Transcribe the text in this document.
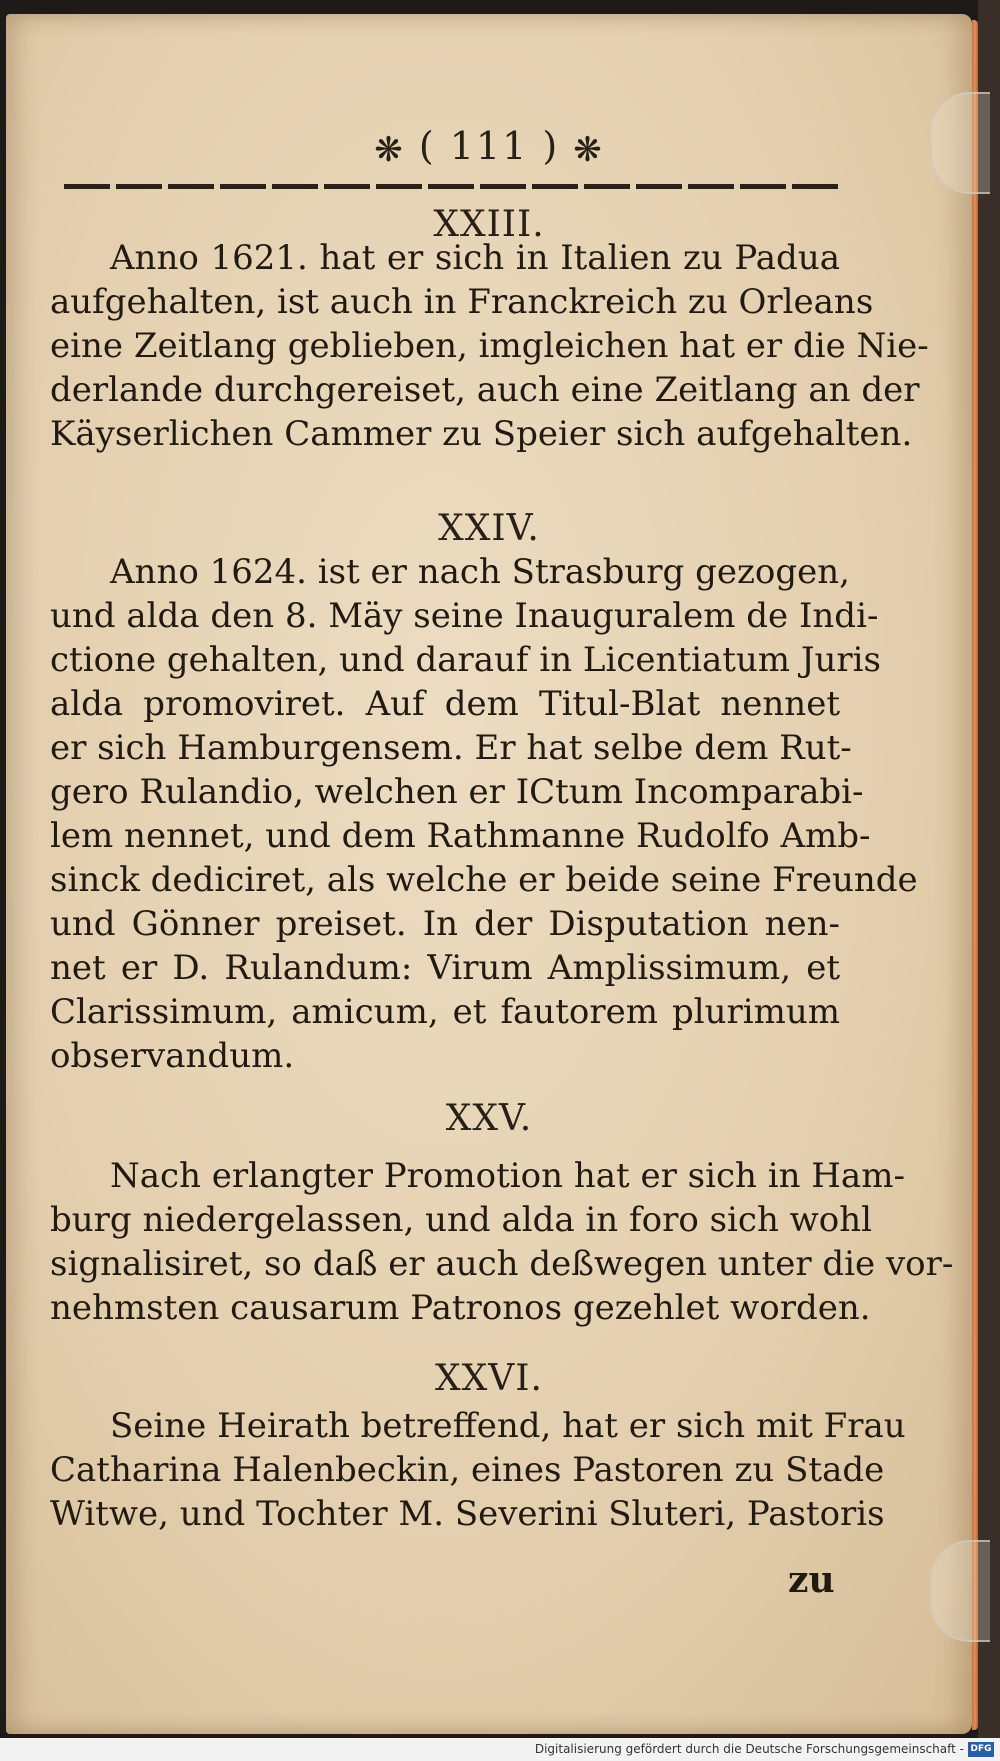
❋ ( 111 ) ❋
XXIII.
Anno 1621. hat er sich in Italien zu Padua
aufgehalten, ist auch in Franckreich zu Orleans
eine Zeitlang geblieben, imgleichen hat er die Nie-
derlande durchgereiset, auch eine Zeitlang an der
Käyserlichen Cammer zu Speier sich aufgehalten.
XXIV.
Anno 1624. ist er nach Strasburg gezogen,
und alda den 8. Mäy seine Inauguralem de Indi-
ctione gehalten, und darauf in Licentiatum Juris
alda promoviret. Auf dem Titul-Blat nennet
er sich Hamburgensem. Er hat selbe dem Rut-
gero Rulandio, welchen er ICtum Incomparabi-
lem nennet, und dem Rathmanne Rudolfo Amb-
sinck dediciret, als welche er beide seine Freunde
und Gönner preiset. In der Disputation nen-
net er D. Rulandum: Virum Amplissimum, et
Clarissimum, amicum, et fautorem plurimum
observandum.
XXV.
Nach erlangter Promotion hat er sich in Ham-
burg niedergelassen, und alda in foro sich wohl
signalisiret, so daß er auch deßwegen unter die vor-
nehmsten causarum Patronos gezehlet worden.
XXVI.
Seine Heirath betreffend, hat er sich mit Frau
Catharina Halenbeckin, eines Pastoren zu Stade
Witwe, und Tochter M. Severini Sluteri, Pastoris
zu
Digitalisierung gefördert durch die Deutsche Forschungsgemeinschaft - DFG
